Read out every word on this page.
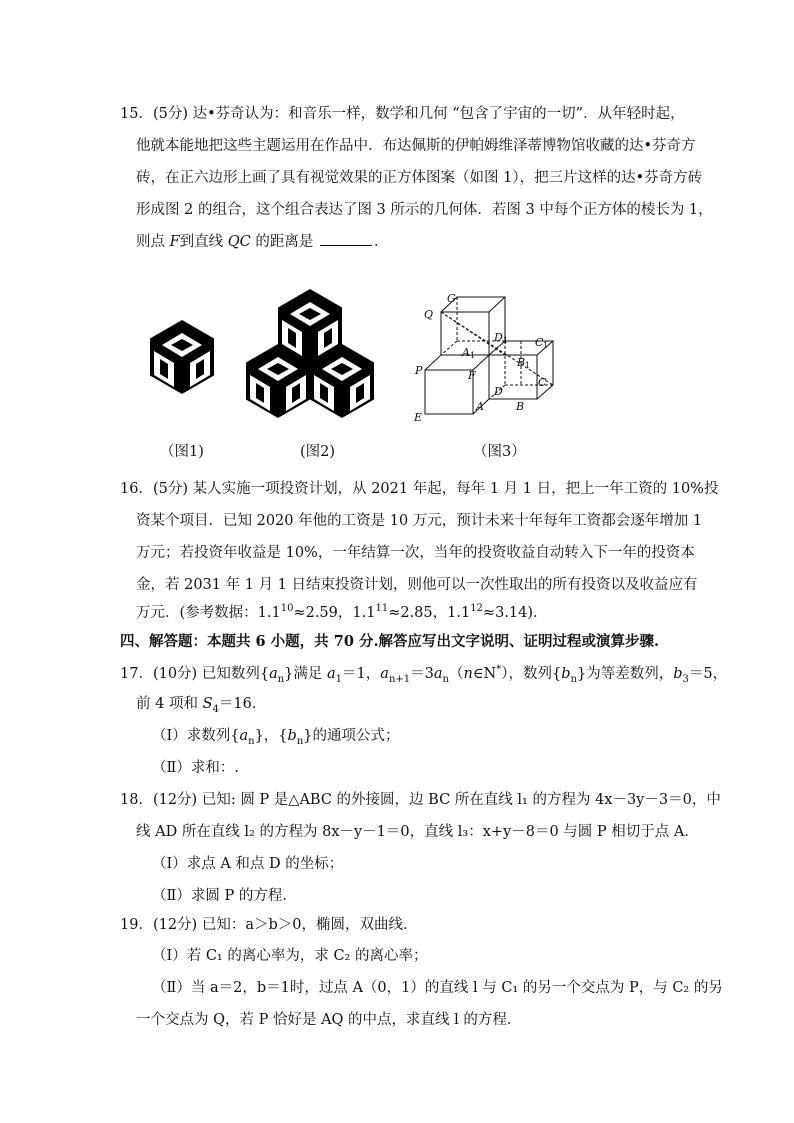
15．(5分) 达•芬奇认为：和音乐一样，数学和几何 “包含了宇宙的一切”．从年轻时起，
他就本能地把这些主题运用在作品中．布达佩斯的伊帕姆维泽蒂博物馆收藏的达•芬奇方
砖，在正六边形上画了具有视觉效果的正方体图案（如图 1），把三片这样的达•芬奇方砖
形成图 2 的组合，这个组合表达了图 3 所示的几何体．若图 3 中每个正方体的棱长为 1，
则点 F到直线 QC 的距离是	．
Q
G
D 1 C 1
A 1
B 1
P	F
D
C
E
A	B
（图1)	(图2)	（图3）
16．(5分) 某人实施一项投资计划，从 2021 年起，每年 1 月 1 日，把上一年工资的 10%投
资某个项目．已知 2020 年他的工资是 10 万元，预计未来十年每年工资都会逐年增加 1
万元；若投资年收益是 10%，一年结算一次，当年的投资收益自动转入下一年的投资本
金，若 2031 年 1 月 1 日结束投资计划，则他可以一次性取出的所有投资以及收益应有
万元．(参考数据：$1.1^{10}\approx 2.59$，$1.1^{11}\approx 2.85$，$1.1^{12}\approx 3.14$)．
四、解答题：本题共 6 小题，共 70 分.解答应写出文字说明、证明过程或演算步骤.
17．(10分) 已知数列$\{a_n\}$满足 $a_1=1$，$a_{n+1}=3a_n(n\in N^*)$，数列$\{b_n\}$为等差数列，$b_3=5$，
前 4 项和 $S_4=16$．
（Ⅰ）求数列$\{a_n\}$，$\{b_n\}$的通项公式；
（Ⅱ）求和：.
18．(12分) 已知: 圆 P 是△ABC 的外接圆，边 BC 所在直线 l₁ 的方程为 4x－3y－3＝0，中
线 AD 所在直线 l₂ 的方程为 8x－y－1＝0，直线 l₃：x+y－8＝0 与圆 P 相切于点 A．
（Ⅰ）求点 A 和点 D 的坐标；
（Ⅱ）求圆 P 的方程．
19．(12分) 已知：a＞b＞0，椭圆，双曲线．
（Ⅰ）若 C₁ 的离心率为，求 C₂ 的离心率；
（Ⅱ）当 a＝2，b＝1时，过点 A（0，1）的直线 l 与 C₁ 的另一个交点为 P，与 C₂ 的另
一个交点为 Q，若 P 恰好是 AQ 的中点，求直线 l 的方程．
